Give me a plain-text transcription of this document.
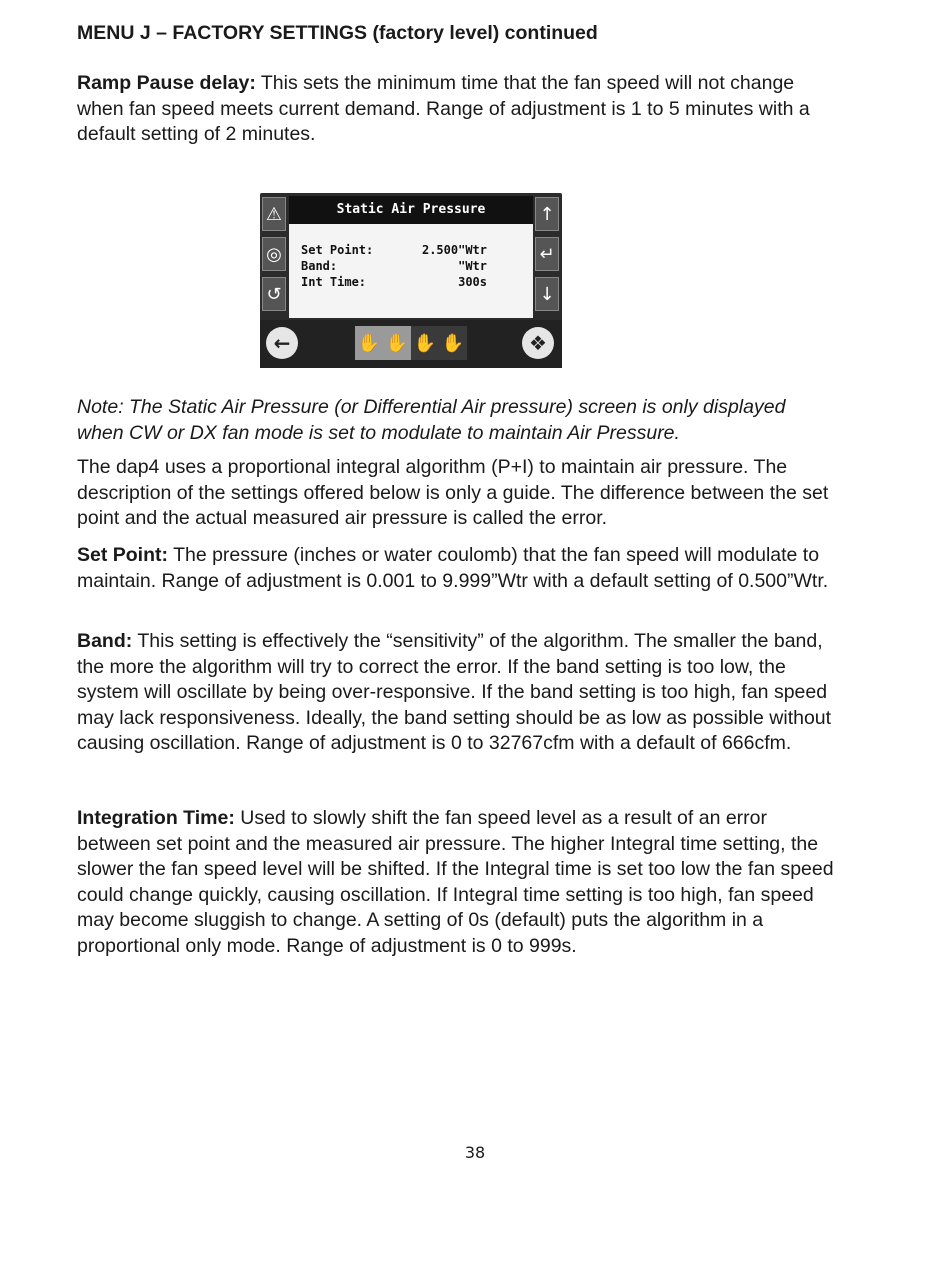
MENU J – FACTORY SETTINGS (factory level) continued

Ramp Pause delay: This sets the minimum time that the fan speed will not change when fan speed meets current demand. Range of adjustment is 1 to 5 minutes with a default setting of 2 minutes.

Note: The Static Air Pressure (or Differential Air pressure) screen is only displayed when CW or DX fan mode is set to modulate to maintain Air Pressure.

The dap4 uses a proportional integral algorithm (P+I) to maintain air pressure. The description of the settings offered below is only a guide. The difference between the set point and the actual measured air pressure is called the error.

Set Point: The pressure (inches or water coulomb) that the fan speed will modulate to maintain. Range of adjustment is 0.001 to 9.999”Wtr with a default setting of 0.500”Wtr.

Band: This setting is effectively the “sensitivity” of the algorithm. The smaller the band, the more the algorithm will try to correct the error. If the band setting is too low, the system will oscillate by being over-responsive. If the band setting is too high, fan speed may lack responsiveness. Ideally, the band setting should be as low as possible without causing oscillation. Range of adjustment is 0 to 32767cfm with a default of 666cfm.

Integration Time: Used to slowly shift the fan speed level as a result of an error between set point and the measured air pressure. The higher Integral time setting, the slower the fan speed level will be shifted. If the Integral time is set too low the fan speed could change quickly, causing oscillation. If Integral time setting is too high, fan speed may become sluggish to change. A setting of 0s (default) puts the algorithm in a proportional only mode. Range of adjustment is 0 to 999s.

⚠
◎
↺
Static Air Pressure
Set Point:	2.500"Wtr
Band:	"Wtr
Int Time:	300s
↑
↵
↓
←	✋ ✋ ✋ ✋	❖
38
